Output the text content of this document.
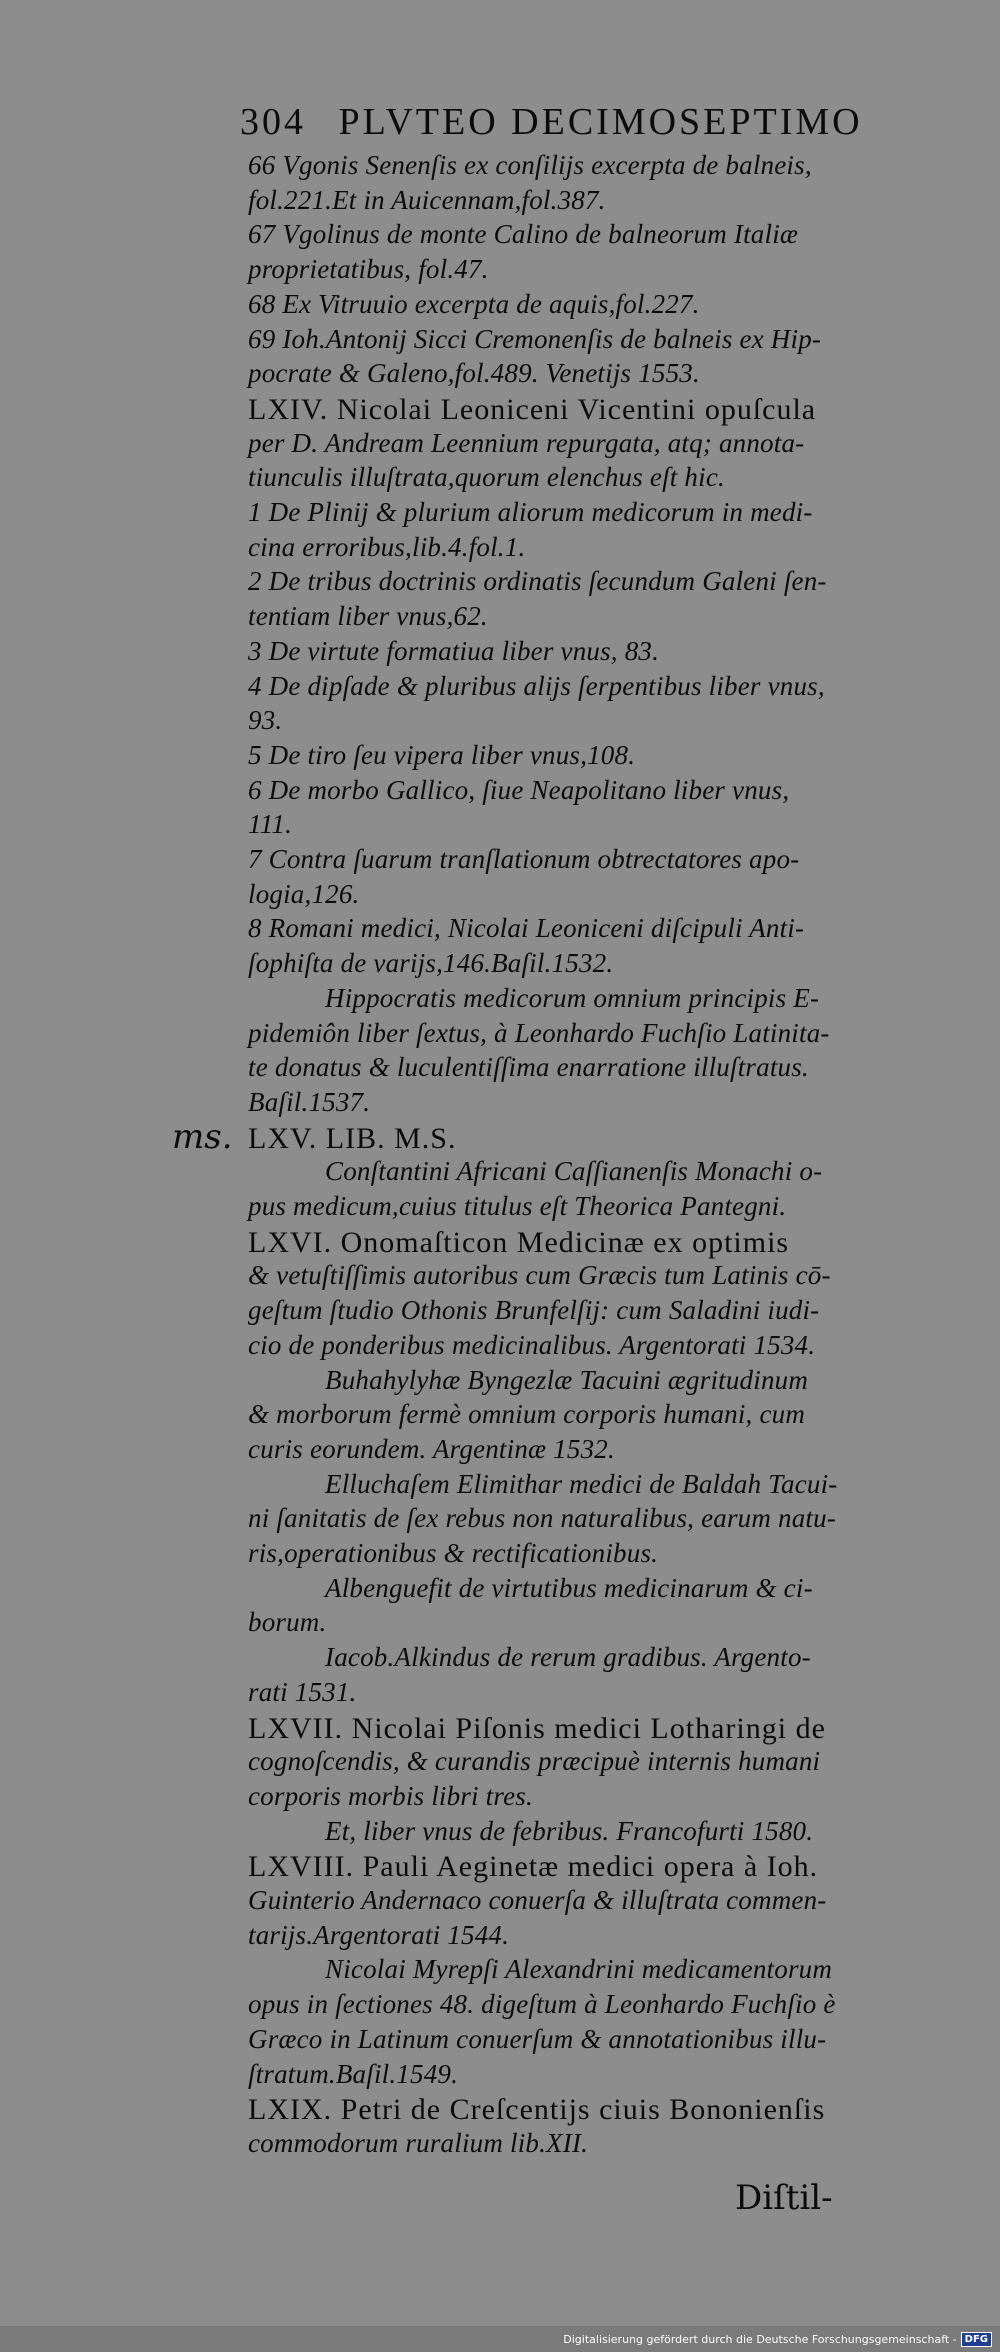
304 PLVTEO DECIMOSEPTIMO
66 Vgonis Senenſis ex conſilijs excerpta de balneis,
fol.221.Et in Auicennam,fol.387.
67 Vgolinus de monte Calino de balneorum Italiæ
proprietatibus, fol.47.
68 Ex Vitruuio excerpta de aquis,fol.227.
69 Ioh.Antonij Sicci Cremonenſis de balneis ex Hip-
pocrate & Galeno,fol.489. Venetijs 1553.
LXIV. Nicolai Leoniceni Vicentini opuſcula
per D. Andream Leennium repurgata, atq; annota-
tiunculis illuſtrata,quorum elenchus eſt hic.
1 De Plinij & plurium aliorum medicorum in medi-
cina erroribus,lib.4.fol.1.
2 De tribus doctrinis ordinatis ſecundum Galeni ſen-
tentiam liber vnus,62.
3 De virtute formatiua liber vnus, 83.
4 De dipſade & pluribus alijs ſerpentibus liber vnus,
93.
5 De tiro ſeu vipera liber vnus,108.
6 De morbo Gallico, ſiue Neapolitano liber vnus,
111.
7 Contra ſuarum tranſlationum obtrectatores apo-
logia,126.
8 Romani medici, Nicolai Leoniceni diſcipuli Anti-
ſophiſta de varijs,146.Baſil.1532.
Hippocratis medicorum omnium principis E-
pidemiôn liber ſextus, à Leonhardo Fuchſio Latinita-
te donatus & luculentiſſima enarratione illuſtratus.
Baſil.1537.
LXV. LIB. M.S.
Conſtantini Africani Caſſianenſis Monachi o-
pus medicum,cuius titulus eſt Theorica Pantegni.
LXVI. Onomaſticon Medicinæ ex optimis
& vetuſtiſſimis autoribus cum Græcis tum Latinis cō-
geſtum ſtudio Othonis Brunfelſij: cum Saladini iudi-
cio de ponderibus medicinalibus. Argentorati 1534.
Buhahylyhæ Byngezlæ Tacuini ægritudinum
& morborum fermè omnium corporis humani, cum
curis eorundem. Argentinæ 1532.
Elluchaſem Elimithar medici de Baldah Tacui-
ni ſanitatis de ſex rebus non naturalibus, earum natu-
ris,operationibus & rectificationibus.
Albenguefit de virtutibus medicinarum & ci-
borum.
Iacob.Alkindus de rerum gradibus. Argento-
rati 1531.
LXVII. Nicolai Piſonis medici Lotharingi de
cognoſcendis, & curandis præcipuè internis humani
corporis morbis libri tres.
Et, liber vnus de febribus. Francofurti 1580.
LXVIII. Pauli Aeginetæ medici opera à Ioh.
Guinterio Andernaco conuerſa & illuſtrata commen-
tarijs.Argentorati 1544.
Nicolai Myrepſi Alexandrini medicamentorum
opus in ſectiones 48. digeſtum à Leonhardo Fuchſio è
Græco in Latinum conuerſum & annotationibus illu-
ſtratum.Baſil.1549.
LXIX. Petri de Creſcentijs ciuis Bononienſis
commodorum ruralium lib.XII.
ms.
Diſtil-
Digitalisierung gefördert durch die Deutsche Forschungsgemeinschaft - DFG
